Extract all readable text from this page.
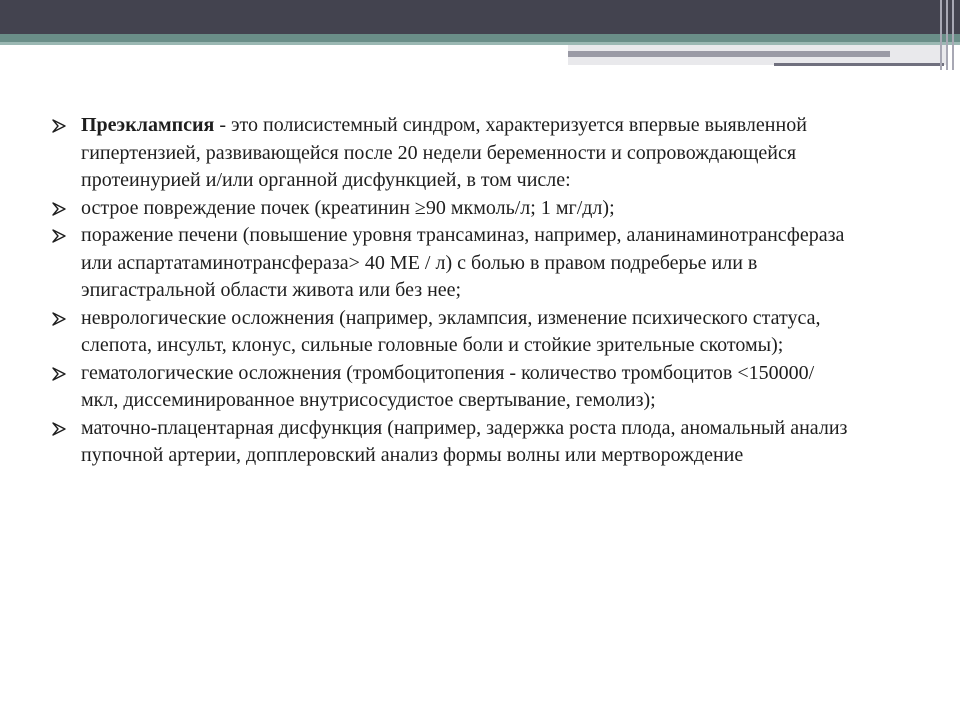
Преэклампсия - это полисистемный синдром, характеризуется впервые выявленной гипертензией, развивающейся после 20 недели беременности и сопровождающейся протеинурией и/или органной дисфункцией, в том числе:
острое повреждение почек (креатинин ≥90 мкмоль/л; 1 мг/дл);
поражение печени (повышение уровня трансаминаз, например, аланинаминотрансфераза или аспартатаминотрансфераза> 40 МЕ / л) с болью в правом подреберье или в эпигастральной области живота или без нее;
неврологические осложнения (например, эклампсия, изменение психического статуса, слепота, инсульт, клонус, сильные головные боли и стойкие зрительные скотомы);
гематологические осложнения (тромбоцитопения - количество тромбоцитов <150000/мкл, диссеминированное внутрисосудистое свертывание, гемолиз);
маточно-плацентарная дисфункция (например, задержка роста плода, аномальный анализ пупочной артерии, допплеровский анализ формы волны или мертворождение
